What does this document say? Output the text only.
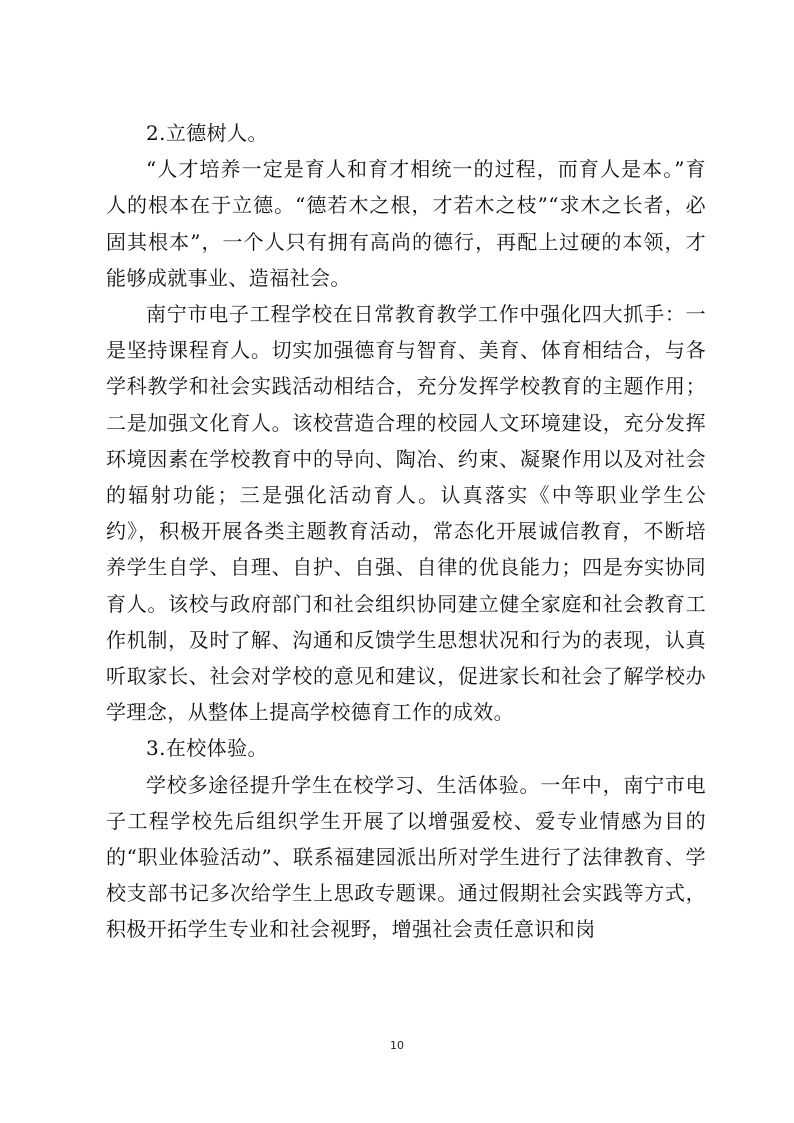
2.立德树人。

“人才培养一定是育人和育才相统一的过程，而育人是本。”育人的根本在于立德。“德若木之根，才若木之枝”“求木之长者，必固其根本”，一个人只有拥有高尚的德行，再配上过硬的本领，才能够成就事业、造福社会。

南宁市电子工程学校在日常教育教学工作中强化四大抓手：一是坚持课程育人。切实加强德育与智育、美育、体育相结合，与各学科教学和社会实践活动相结合，充分发挥学校教育的主题作用；二是加强文化育人。该校营造合理的校园人文环境建设，充分发挥环境因素在学校教育中的导向、陶冶、约束、凝聚作用以及对社会的辐射功能；三是强化活动育人。认真落实《中等职业学生公约》，积极开展各类主题教育活动，常态化开展诚信教育，不断培养学生自学、自理、自护、自强、自律的优良能力；四是夯实协同育人。该校与政府部门和社会组织协同建立健全家庭和社会教育工作机制，及时了解、沟通和反馈学生思想状况和行为的表现，认真听取家长、社会对学校的意见和建议，促进家长和社会了解学校办学理念，从整体上提高学校德育工作的成效。

3.在校体验。

学校多途径提升学生在校学习、生活体验。一年中，南宁市电子工程学校先后组织学生开展了以增强爱校、爱专业情感为目的的“职业体验活动”、联系福建园派出所对学生进行了法律教育、学校支部书记多次给学生上思政专题课。通过假期社会实践等方式，积极开拓学生专业和社会视野，增强社会责任意识和岗

10
